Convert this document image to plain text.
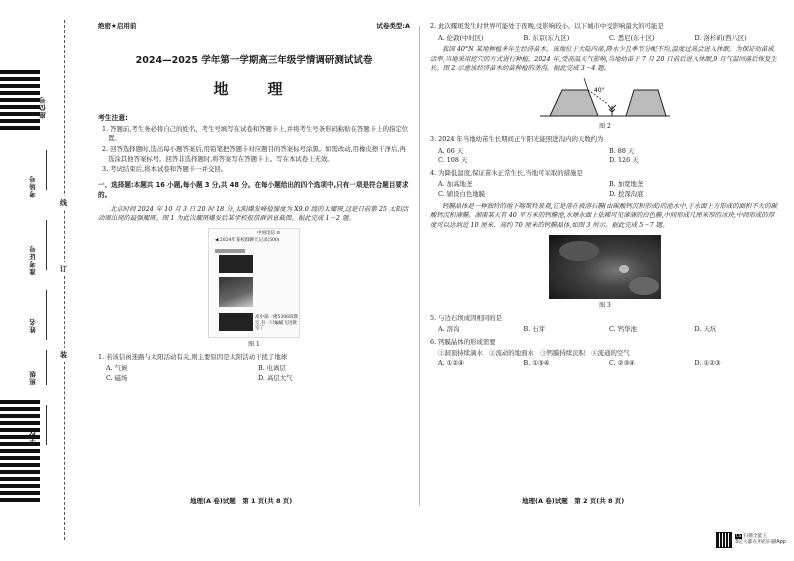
座位号
考场号
准考证号
姓名
班级
学校
线
订
装
绝密★启用前	试卷类型:A
2024—2025 学年第一学期高三年级学情调研测试试卷
地　理
考生注意:
1. 答题前,考生务必将自己的姓名、考生号填写在试卷和答题卡上,并将考生号条形码粘贴在答题卡上的指定位置。
2. 回答选择题时,选出每小题答案后,用铅笔把答题卡对应题目的答案标号涂黑。如需改动,用橡皮擦干净后,再选涂其他答案标号。回答非选择题时,将答案写在答题卡上。写在本试卷上无效。
3. 考试结束后,将本试卷和答题卡一并交回。
一、选择题:本题共 16 小题,每小题 3 分,共 48 分。在每小题给出的四个选项中,只有一项是符合题目要求的。
北京时间 2024 年 10 月 3 日 20 时 18 分,太阳爆发峰值强度为 X9.0 级的太耀斑,这是日前第 25 太阳活动周出现的最强耀斑。图 1 为此次耀斑爆发后某学校报信群消息截图。据此完成 1～2 题。
中国电信 ≋
◀ 2024年某校群聊天记录(500)
高中部一楼5306班教室,有一只蝙蝠飞进教室了
图 1
1. 若该信函迷路与太阳活动有关,则主要原因是太阳活动干扰了地球
A. 气候	B. 电离层
C. 磁场	D. 高层大气
地理(A 卷)试题　第 1 页(共 8 页)
2. 此次耀斑发生时世界可能处于夜晚,受影响较小。以下城市中受影响最大的可能是
A. 伦敦(中时区)	B. 东京(东九区)	C. 悉尼(东十区)	D. 洛杉矶(西八区)
我国 40°N 某地种植多年生经济苗木。该地位于大陆内部,降水少且季节分配不均,温度过高会进入休眠。为保证幼苗成活率,当地采用挖穴的方式进行种植。2024 年,受高温天气影响,当地幼苗于 7 月 20 日前后进入休眠,9 月气温回落后恢复生长。图 2 示意该经济苗木幼苗种植的垄沟。据此完成 3～4 题。
40°
图 2
3. 2024 年当地幼苗生长期间正午阳光能照进沟内的天数约为
A. 66 天	B. 88 天
C. 108 天	D. 126 天
4. 为降低温度,保证苗木正常生长,当地可采取的措施是
A. 加高地垄	B. 加宽地垄
C. 铺设白色地膜	D. 挖深沟底
钙膜晶体是一种独特的地下喀斯特景观,它是溶在被溶石膜(由碳酸钙沉积形成)的池水中,于水面上方形成的面积不大的碳酸钙沉积薄膜。湖南某天有 40 平方米的钙膜池,水塘水面上依稀可见薄薄的白色膜,中间形成几厘米厚的冰块,中间形成的厚度可以达到近 10 厘米、高约 70 厘米的钙膜晶体,如图 3 所示。据此完成 5～7 题。
图 3
5. 与边石坝成因相同的是
A. 溶沟	B. 石芽	C. 钙华池	D. 天坑
6. 钙膜晶体的形成需要
①洞顶持续滴水　②流动的地面水　③钙膜持续沉积　④流通的空气
A. ①②④	B. ①③④	C. ②③④	D. ①②③
地理(A 卷)试题　第 2 页(共 8 页)
CS 扫描全能王
3亿人都在用的扫描App
